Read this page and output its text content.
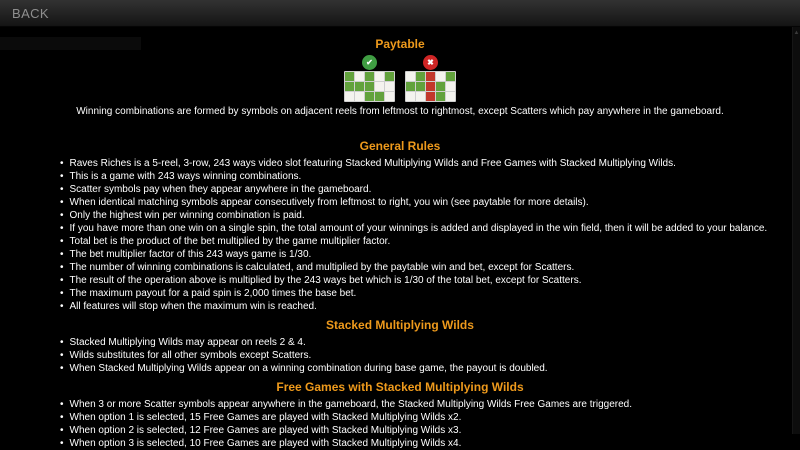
BACK
Paytable
✔	✖
Winning combinations are formed by symbols on adjacent reels from leftmost to rightmost, except Scatters which pay anywhere in the gameboard.
General Rules
• Raves Riches is a 5-reel, 3-row, 243 ways video slot featuring Stacked Multiplying Wilds and Free Games with Stacked Multiplying Wilds.
• This is a game with 243 ways winning combinations.
• Scatter symbols pay when they appear anywhere in the gameboard.
• When identical matching symbols appear consecutively from leftmost to right, you win (see paytable for more details).
• Only the highest win per winning combination is paid.
• If you have more than one win on a single spin, the total amount of your winnings is added and displayed in the win field, then it will be added to your balance.
• Total bet is the product of the bet multiplied by the game multiplier factor.
• The bet multiplier factor of this 243 ways game is 1/30.
• The number of winning combinations is calculated, and multiplied by the paytable win and bet, except for Scatters.
• The result of the operation above is multiplied by the 243 ways bet which is 1/30 of the total bet, except for Scatters.
• The maximum payout for a paid spin is 2,000 times the base bet.
• All features will stop when the maximum win is reached.
Stacked Multiplying Wilds
• Stacked Multiplying Wilds may appear on reels 2 & 4.
• Wilds substitutes for all other symbols except Scatters.
• When Stacked Multiplying Wilds appear on a winning combination during base game, the payout is doubled.
Free Games with Stacked Multiplying Wilds
• When 3 or more Scatter symbols appear anywhere in the gameboard, the Stacked Multiplying Wilds Free Games are triggered.
• When option 1 is selected, 15 Free Games are played with Stacked Multiplying Wilds x2.
• When option 2 is selected, 12 Free Games are played with Stacked Multiplying Wilds x3.
• When option 3 is selected, 10 Free Games are played with Stacked Multiplying Wilds x4.
▲
